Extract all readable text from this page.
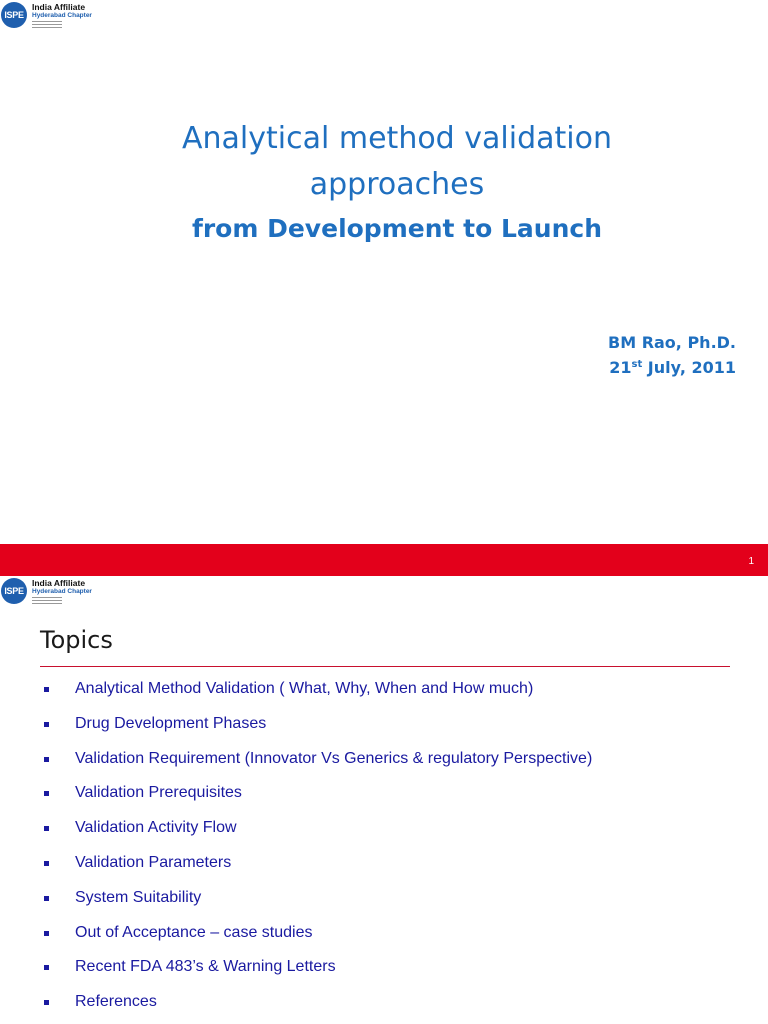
ISPE
India Affiliate
Hyderabad Chapter
Analytical method validation
approaches
from Development to Launch
BM Rao, Ph.D.
21st July, 2011
1
ISPE
India Affiliate
Hyderabad Chapter
Topics
Analytical Method Validation ( What, Why, When and How much)
Drug Development Phases
Validation Requirement (Innovator Vs Generics & regulatory Perspective)
Validation Prerequisites
Validation Activity Flow
Validation Parameters
System Suitability
Out of Acceptance – case studies
Recent FDA 483’s & Warning Letters
References
